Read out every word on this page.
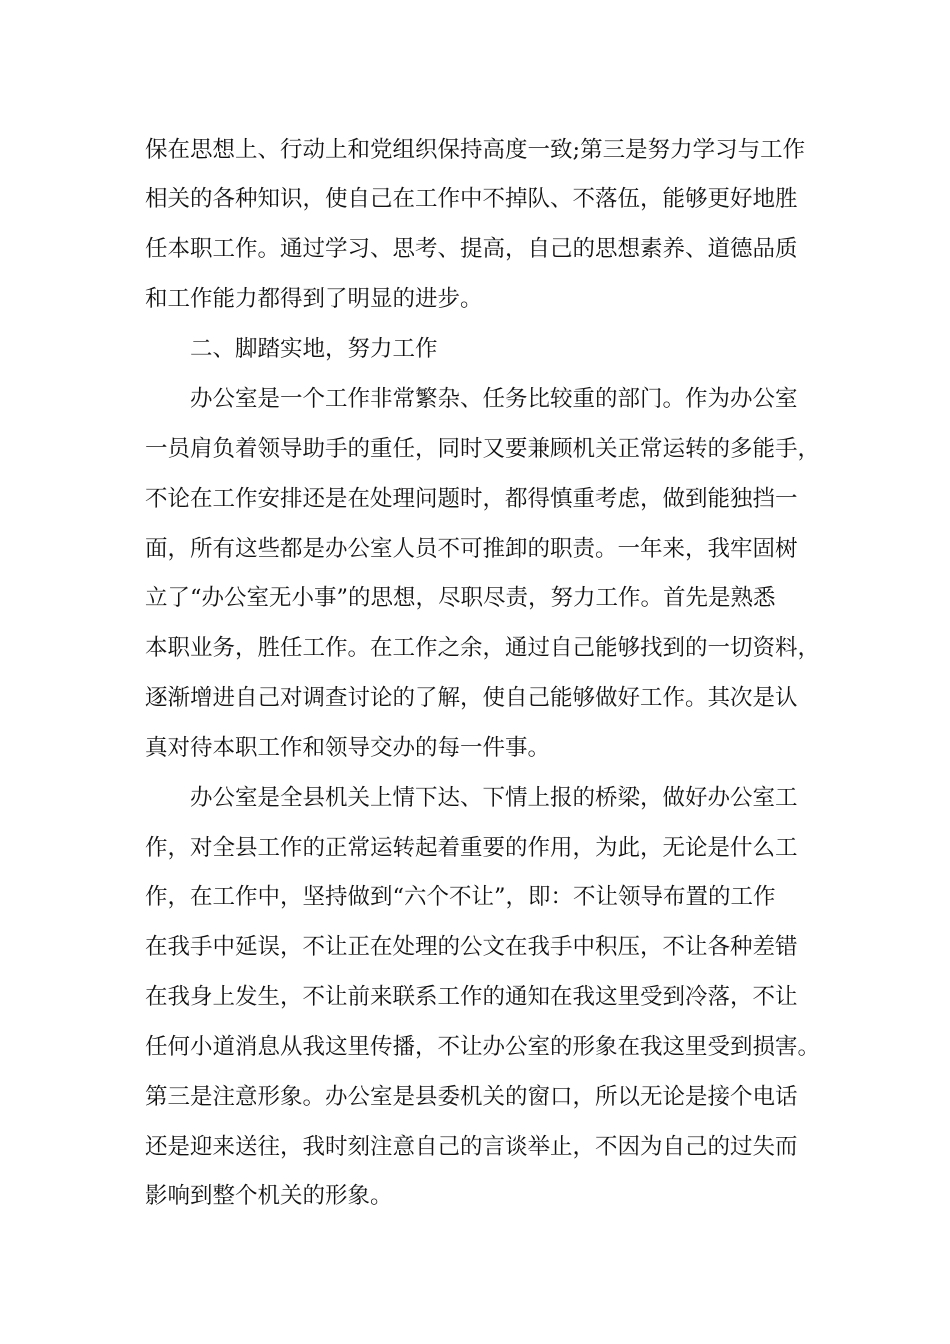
保在思想上、行动上和党组织保持高度一致;第三是努力学习与工作
相关的各种知识，使自己在工作中不掉队、不落伍，能够更好地胜
任本职工作。通过学习、思考、提高，自己的思想素养、道德品质
和工作能力都得到了明显的进步。
二、脚踏实地，努力工作
办公室是一个工作非常繁杂、任务比较重的部门。作为办公室
一员肩负着领导助手的重任，同时又要兼顾机关正常运转的多能手，
不论在工作安排还是在处理问题时，都得慎重考虑，做到能独挡一
面，所有这些都是办公室人员不可推卸的职责。一年来，我牢固树
立了“办公室无小事”的思想，尽职尽责，努力工作。首先是熟悉
本职业务，胜任工作。在工作之余，通过自己能够找到的一切资料，
逐渐增进自己对调查讨论的了解，使自己能够做好工作。其次是认
真对待本职工作和领导交办的每一件事。
办公室是全县机关上情下达、下情上报的桥梁，做好办公室工
作，对全县工作的正常运转起着重要的作用，为此，无论是什么工
作，在工作中，坚持做到“六个不让”，即：不让领导布置的工作
在我手中延误，不让正在处理的公文在我手中积压，不让各种差错
在我身上发生，不让前来联系工作的通知在我这里受到冷落，不让
任何小道消息从我这里传播，不让办公室的形象在我这里受到损害。
第三是注意形象。办公室是县委机关的窗口，所以无论是接个电话
还是迎来送往，我时刻注意自己的言谈举止，不因为自己的过失而
影响到整个机关的形象。
